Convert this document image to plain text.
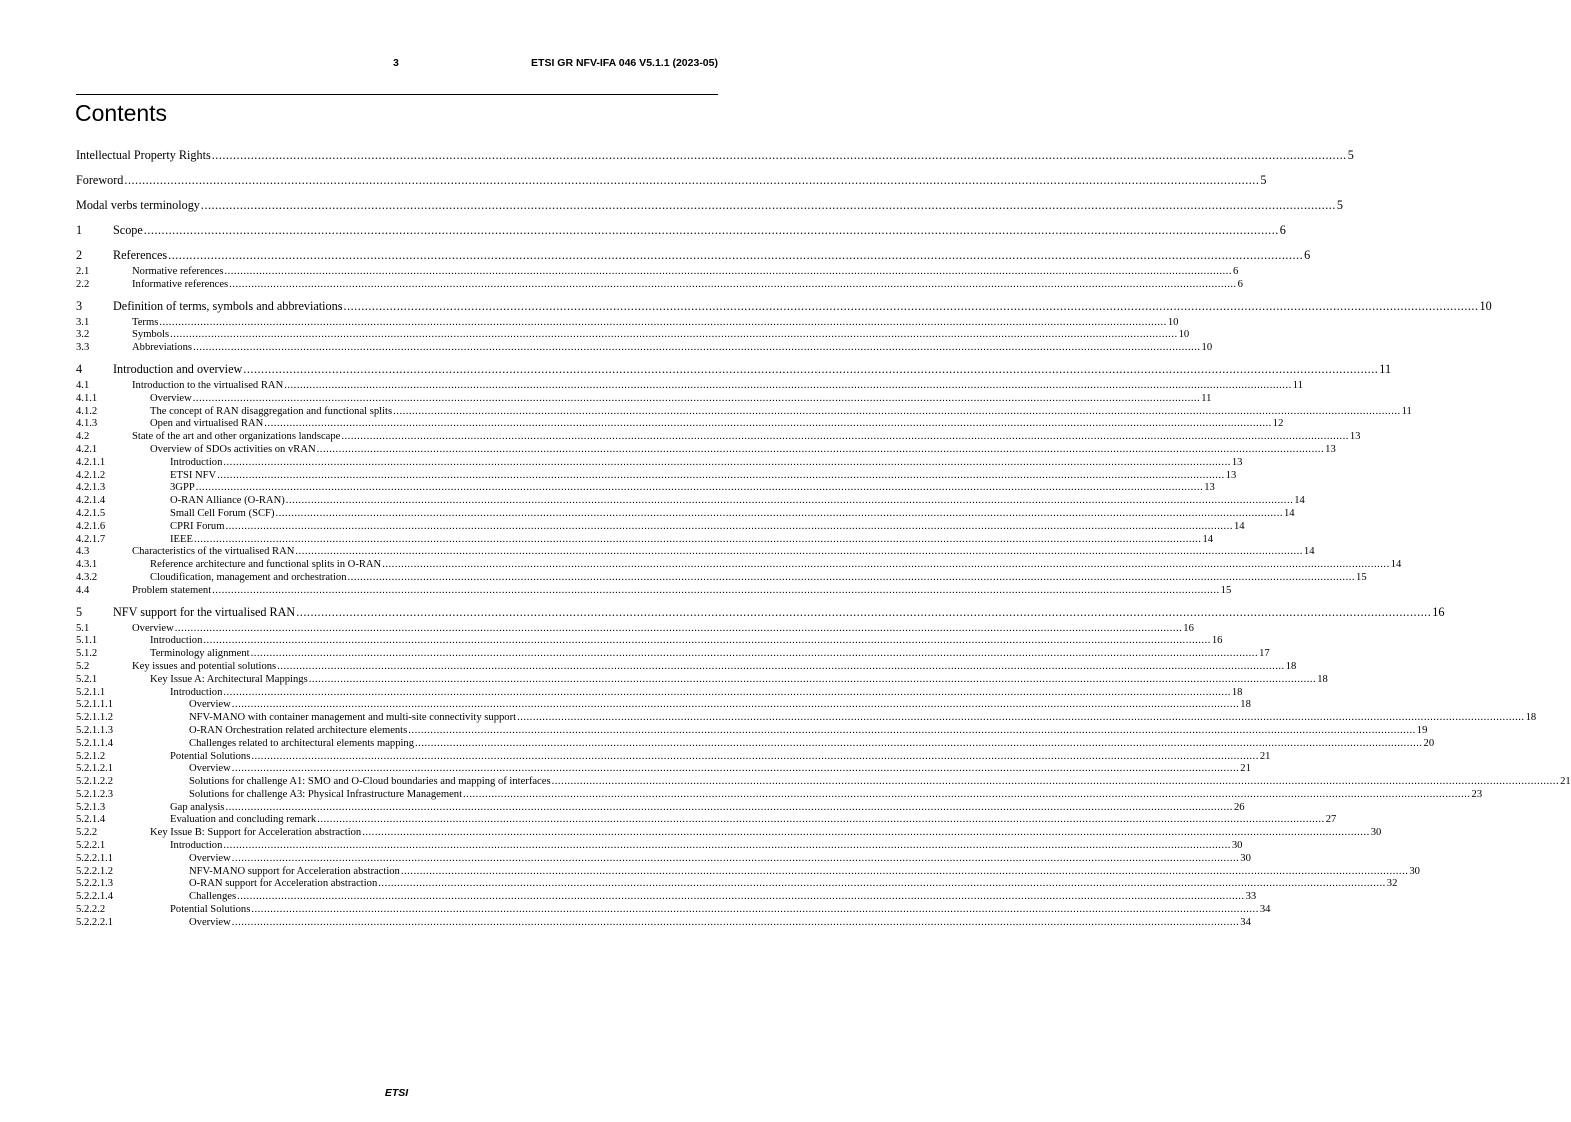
3	ETSI GR NFV-IFA 046 V5.1.1 (2023-05)
Contents
Intellectual Property Rights .....	5
Foreword .....	5
Modal verbs terminology .....	5
1	Scope .....	6
2	References .....	6
2.1	Normative references .....	6
2.2	Informative references .....	6
3	Definition of terms, symbols and abbreviations .....	10
3.1	Terms .....	10
3.2	Symbols .....	10
3.3	Abbreviations .....	10
4	Introduction and overview .....	11
4.1	Introduction to the virtualised RAN .....	11
4.1.1	Overview .....	11
4.1.2	The concept of RAN disaggregation and functional splits .....	11
4.1.3	Open and virtualised RAN .....	12
4.2	State of the art and other organizations landscape .....	13
4.2.1	Overview of SDOs activities on vRAN .....	13
4.2.1.1	Introduction .....	13
4.2.1.2	ETSI NFV .....	13
4.2.1.3	3GPP .....	13
4.2.1.4	O-RAN Alliance (O-RAN) .....	14
4.2.1.5	Small Cell Forum (SCF) .....	14
4.2.1.6	CPRI Forum .....	14
4.2.1.7	IEEE .....	14
4.3	Characteristics of the virtualised RAN .....	14
4.3.1	Reference architecture and functional splits in O-RAN .....	14
4.3.2	Cloudification, management and orchestration .....	15
4.4	Problem statement .....	15
5	NFV support for the virtualised RAN .....	16
5.1	Overview .....	16
5.1.1	Introduction .....	16
5.1.2	Terminology alignment .....	17
5.2	Key issues and potential solutions .....	18
5.2.1	Key Issue A: Architectural Mappings .....	18
5.2.1.1	Introduction .....	18
5.2.1.1.1	Overview .....	18
5.2.1.1.2	NFV-MANO with container management and multi-site connectivity support .....	18
5.2.1.1.3	O-RAN Orchestration related architecture elements .....	19
5.2.1.1.4	Challenges related to architectural elements mapping .....	20
5.2.1.2	Potential Solutions .....	21
5.2.1.2.1	Overview .....	21
5.2.1.2.2	Solutions for challenge A1: SMO and O-Cloud boundaries and mapping of interfaces .....	21
5.2.1.2.3	Solutions for challenge A3: Physical Infrastructure Management .....	23
5.2.1.3	Gap analysis .....	26
5.2.1.4	Evaluation and concluding remark .....	27
5.2.2	Key Issue B: Support for Acceleration abstraction .....	30
5.2.2.1	Introduction .....	30
5.2.2.1.1	Overview .....	30
5.2.2.1.2	NFV-MANO support for Acceleration abstraction .....	30
5.2.2.1.3	O-RAN support for Acceleration abstraction .....	32
5.2.2.1.4	Challenges .....	33
5.2.2.2	Potential Solutions .....	34
5.2.2.2.1	Overview .....	34
ETSI
